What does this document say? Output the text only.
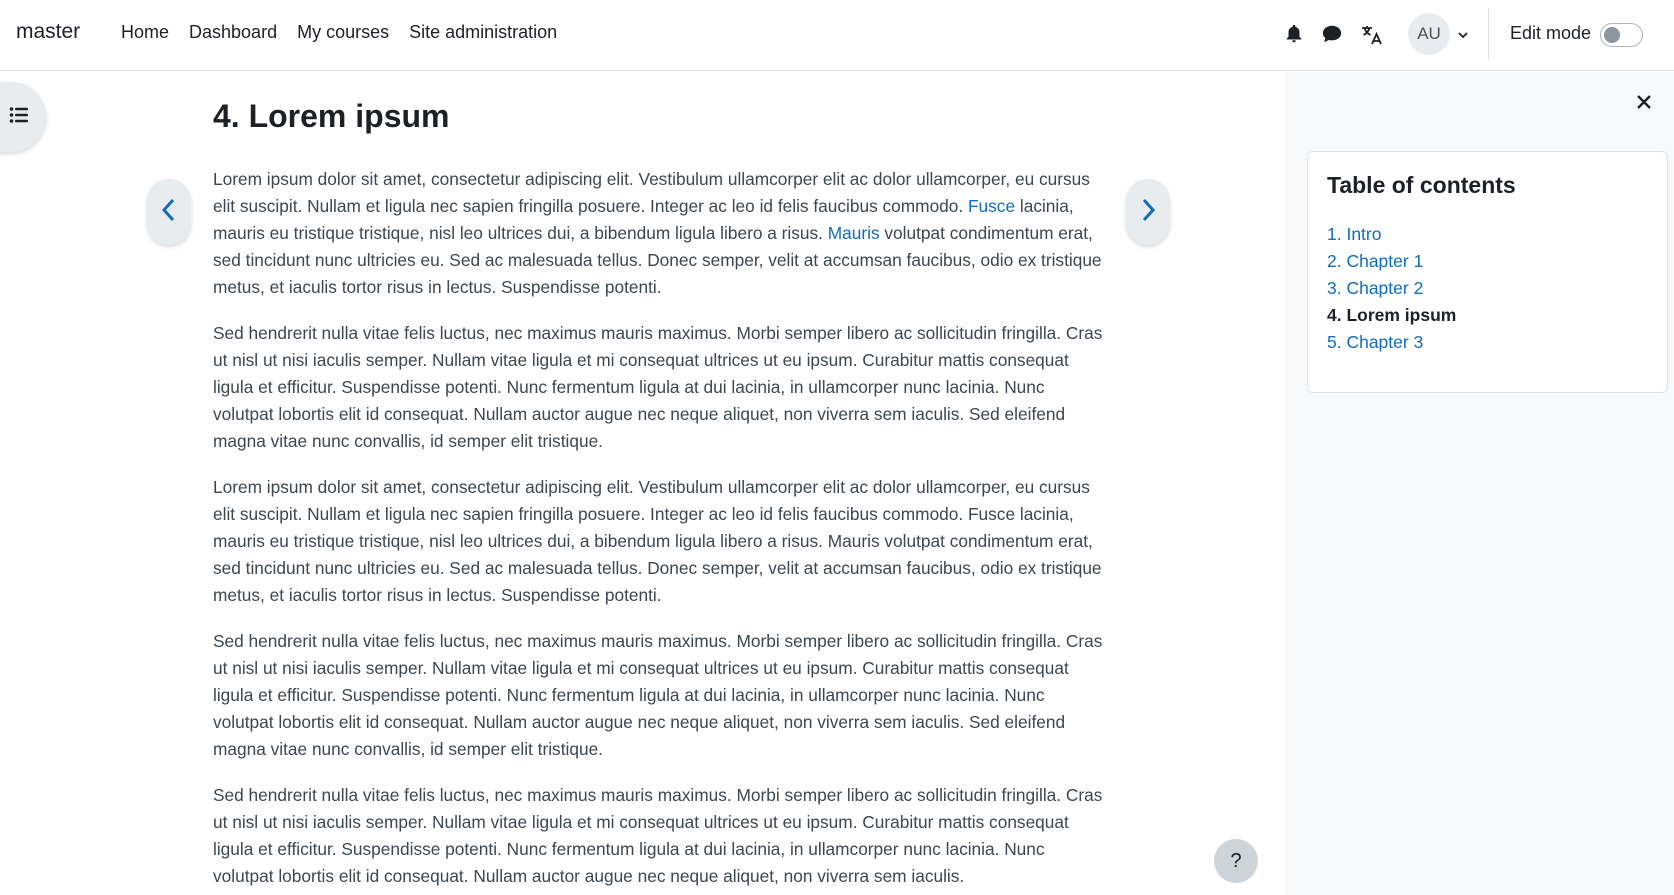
master Home Dashboard My courses Site administration	AU	Edit mode
4. Lorem ipsum

Lorem ipsum dolor sit amet, consectetur adipiscing elit. Vestibulum ullamcorper elit ac dolor ullamcorper, eu cursus elit suscipit. Nullam et ligula nec sapien fringilla posuere. Integer ac leo id felis faucibus commodo. Fusce lacinia, mauris eu tristique tristique, nisl leo ultrices dui, a bibendum ligula libero a risus. Mauris volutpat condimentum erat, sed tincidunt nunc ultricies eu. Sed ac malesuada tellus. Donec semper, velit at accumsan faucibus, odio ex tristique metus, et iaculis tortor risus in lectus. Suspendisse potenti.

Sed hendrerit nulla vitae felis luctus, nec maximus mauris maximus. Morbi semper libero ac sollicitudin fringilla. Cras ut nisl ut nisi iaculis semper. Nullam vitae ligula et mi consequat ultrices ut eu ipsum. Curabitur mattis consequat ligula et efficitur. Suspendisse potenti. Nunc fermentum ligula at dui lacinia, in ullamcorper nunc lacinia. Nunc volutpat lobortis elit id consequat. Nullam auctor augue nec neque aliquet, non viverra sem iaculis. Sed eleifend magna vitae nunc convallis, id semper elit tristique.

Lorem ipsum dolor sit amet, consectetur adipiscing elit. Vestibulum ullamcorper elit ac dolor ullamcorper, eu cursus elit suscipit. Nullam et ligula nec sapien fringilla posuere. Integer ac leo id felis faucibus commodo. Fusce lacinia, mauris eu tristique tristique, nisl leo ultrices dui, a bibendum ligula libero a risus. Mauris volutpat condimentum erat, sed tincidunt nunc ultricies eu. Sed ac malesuada tellus. Donec semper, velit at accumsan faucibus, odio ex tristique metus, et iaculis tortor risus in lectus. Suspendisse potenti.

Sed hendrerit nulla vitae felis luctus, nec maximus mauris maximus. Morbi semper libero ac sollicitudin fringilla. Cras ut nisl ut nisi iaculis semper. Nullam vitae ligula et mi consequat ultrices ut eu ipsum. Curabitur mattis consequat ligula et efficitur. Suspendisse potenti. Nunc fermentum ligula at dui lacinia, in ullamcorper nunc lacinia. Nunc volutpat lobortis elit id consequat. Nullam auctor augue nec neque aliquet, non viverra sem iaculis. Sed eleifend magna vitae nunc convallis, id semper elit tristique.

Sed hendrerit nulla vitae felis luctus, nec maximus mauris maximus. Morbi semper libero ac sollicitudin fringilla. Cras ut nisl ut nisi iaculis semper. Nullam vitae ligula et mi consequat ultrices ut eu ipsum. Curabitur mattis consequat ligula et efficitur. Suspendisse potenti. Nunc fermentum ligula at dui lacinia, in ullamcorper nunc lacinia. Nunc volutpat lobortis elit id consequat. Nullam auctor augue nec neque aliquet, non viverra sem iaculis.

?
Table of contents
1. Intro
2. Chapter 1
3. Chapter 2
4. Lorem ipsum
5. Chapter 3
